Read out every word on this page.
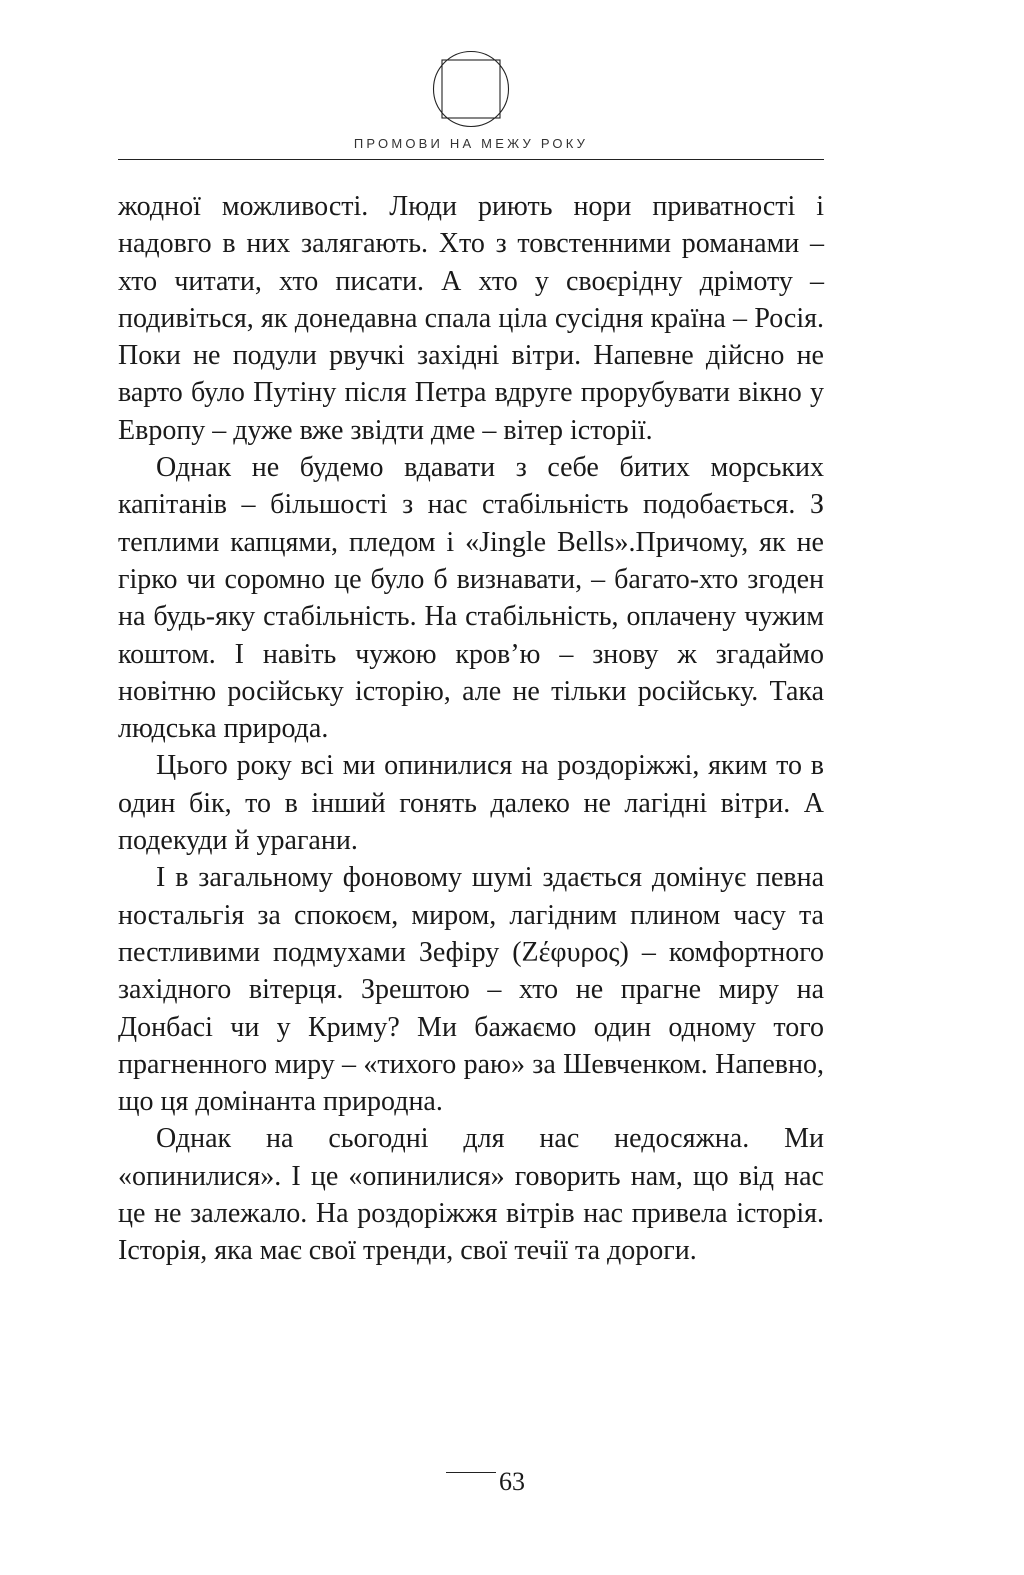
ПРОМОВИ НА МЕЖУ РОКУ

жодної можливості. Люди риють нори приватності і надовго в них залягають. Хто з товстенними романами – хто читати, хто писати. А хто у своєрідну дрімоту – подивіться, як донедавна спала ціла сусідня країна – Росія. Поки не подули рвучкі західні вітри. Напевне дійсно не варто було Путіну після Петра вдруге прорубувати вікно у Европу – дуже вже звідти дме – вітер історії.

Однак не будемо вдавати з себе битих морських капітанів – більшості з нас стабільність подобається. З теплими капцями, пледом і «Jingle Bells».Причому, як не гірко чи соромно це було б визнавати, – багато-хто згоден на будь-яку стабільність. На стабільність, оплачену чужим коштом. І навіть чужою кров’ю – знову ж згадаймо новітню російську історію, але не тільки російську. Така людська природа.

Цього року всі ми опинилися на роздоріжжі, яким то в один бік, то в інший гонять далеко не лагідні вітри. А подекуди й урагани.

І в загальному фоновому шумі здається домінує певна ностальгія за спокоєм, миром, лагідним плином часу та пестливими подмухами Зефіру (Ζέφυρος) – комфортного західного вітерця. Зрештою – хто не прагне миру на Донбасі чи у Криму? Ми бажаємо один одному того прагненного миру – «тихого раю» за Шевченком. Напевно, що ця домінанта природна.

Однак на сьогодні для нас недосяжна. Ми «опинилися». І це «опинилися» говорить нам, що від нас це не залежало. На роздоріжжя вітрів нас привела історія. Історія, яка має свої тренди, свої течії та дороги.

63
